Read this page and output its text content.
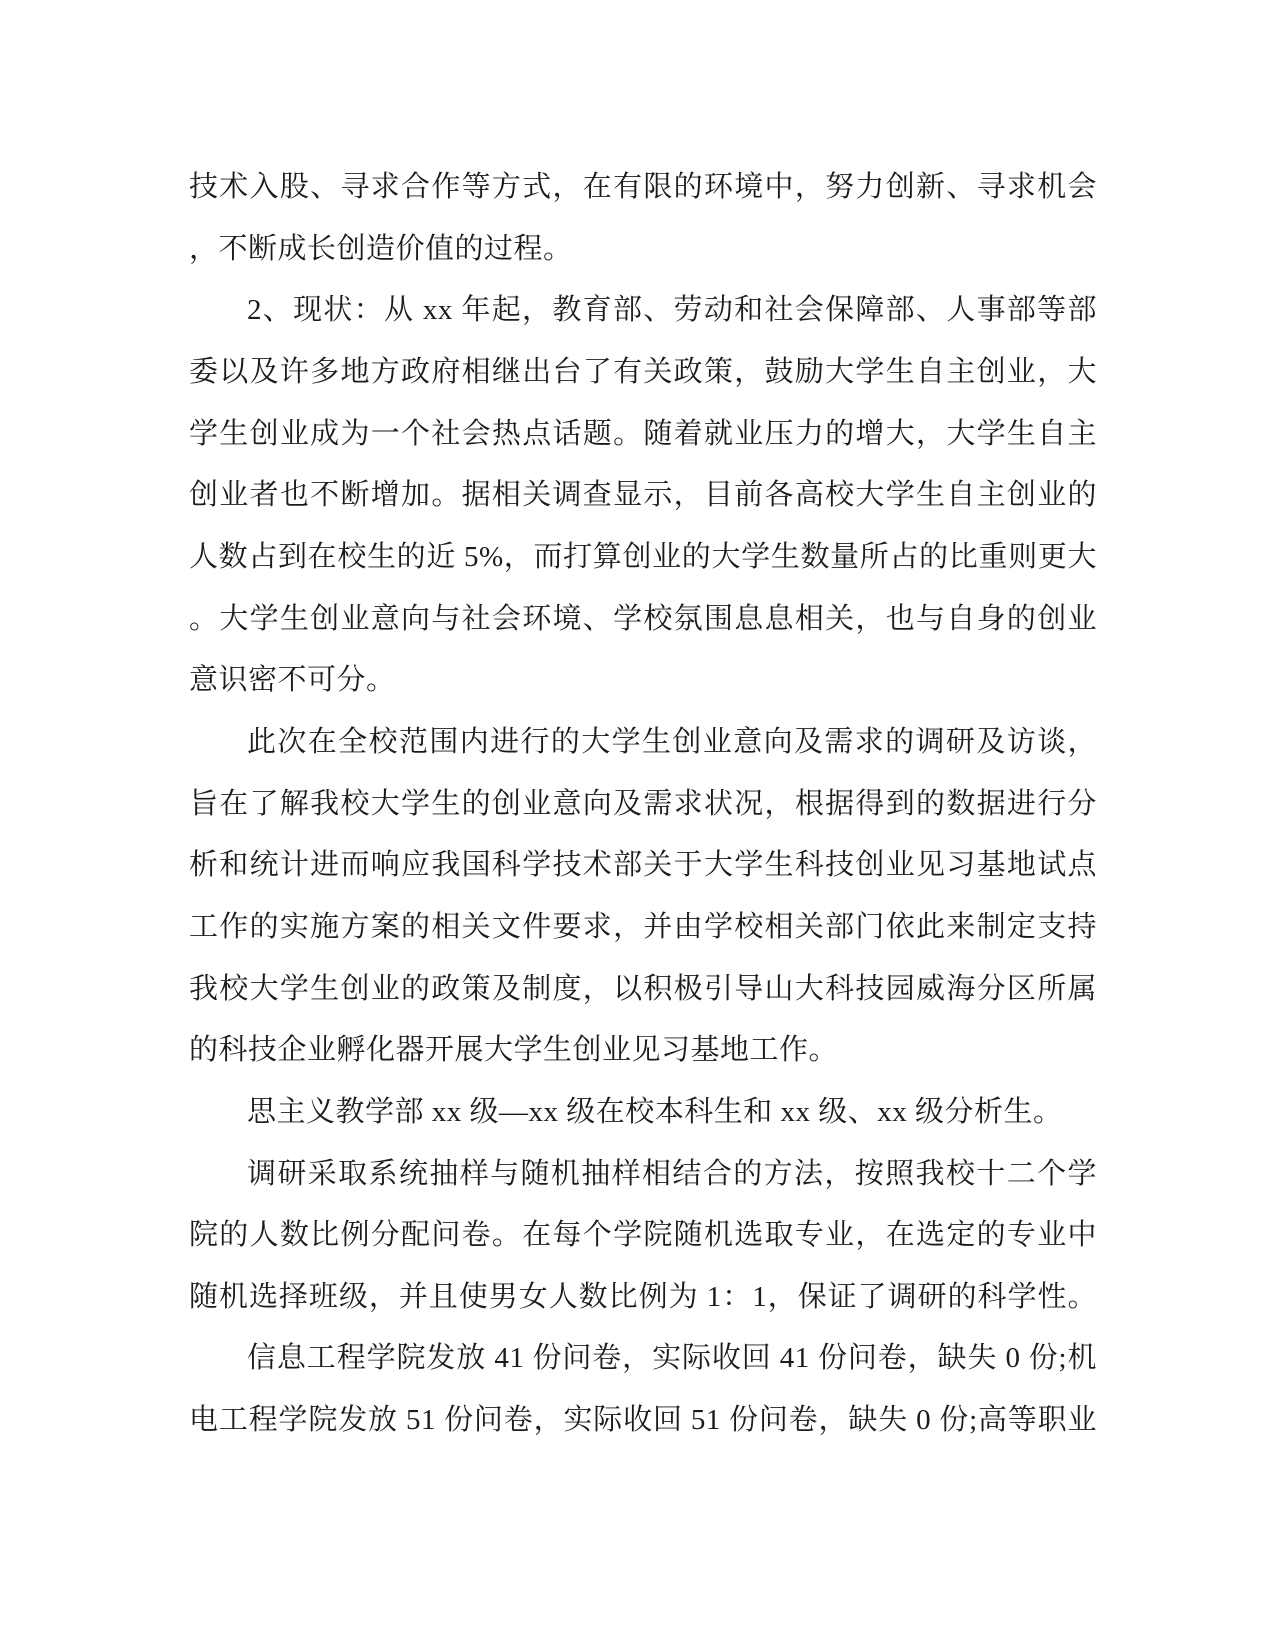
技术入股、寻求合作等方式，在有限的环境中，努力创新、寻求机会
，不断成长创造价值的过程。
2、现状：从 xx 年起，教育部、劳动和社会保障部、人事部等部
委以及许多地方政府相继出台了有关政策，鼓励大学生自主创业，大
学生创业成为一个社会热点话题。随着就业压力的增大，大学生自主
创业者也不断增加。据相关调查显示，目前各高校大学生自主创业的
人数占到在校生的近 5%，而打算创业的大学生数量所占的比重则更大
。大学生创业意向与社会环境、学校氛围息息相关，也与自身的创业
意识密不可分。
此次在全校范围内进行的大学生创业意向及需求的调研及访谈，
旨在了解我校大学生的创业意向及需求状况，根据得到的数据进行分
析和统计进而响应我国科学技术部关于大学生科技创业见习基地试点
工作的实施方案的相关文件要求，并由学校相关部门依此来制定支持
我校大学生创业的政策及制度，以积极引导山大科技园威海分区所属
的科技企业孵化器开展大学生创业见习基地工作。
思主义教学部 xx 级—xx 级在校本科生和 xx 级、xx 级分析生。
调研采取系统抽样与随机抽样相结合的方法，按照我校十二个学
院的人数比例分配问卷。在每个学院随机选取专业，在选定的专业中
随机选择班级，并且使男女人数比例为 1：1，保证了调研的科学性。
信息工程学院发放 41 份问卷，实际收回 41 份问卷，缺失 0 份;机
电工程学院发放 51 份问卷，实际收回 51 份问卷，缺失 0 份;高等职业
